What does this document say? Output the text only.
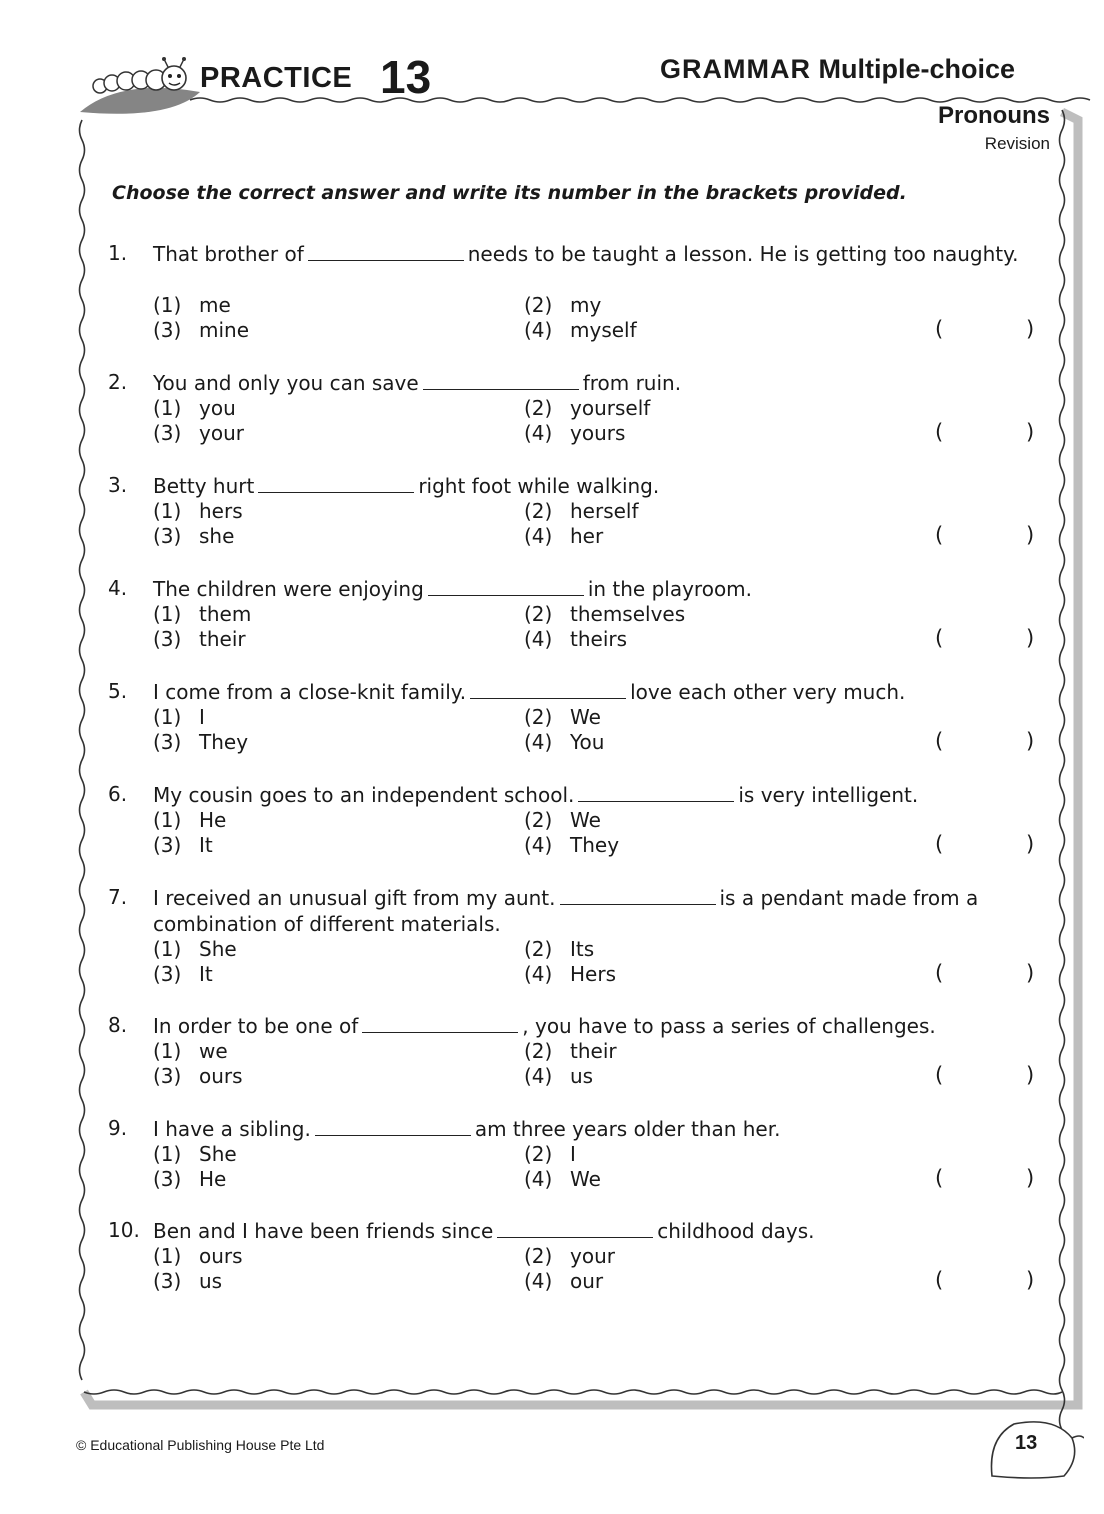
PRACTICE 13	GRAMMAR Multiple-choice
Pronouns
Revision
Choose the correct answer and write its number in the brackets provided.
1.	That brother of	needs to be taught a lesson. He is getting too naughty.
(1) me	(2) my
(3) mine	(4) myself	(	)
2.	You and only you can save	from ruin.
(1) you	(2) yourself
(3) your	(4) yours	(	)
3.	Betty hurt	right foot while walking.
(1) hers	(2) herself
(3) she	(4) her	(	)
4.	The children were enjoying	in the playroom.
(1) them	(2) themselves
(3) their	(4) theirs	(	)
5.	I come from a close-knit family.	love each other very much.
(1) I	(2) We
(3) They	(4) You	(	)
6.	My cousin goes to an independent school.	is very intelligent.
(1) He	(2) We
(3) It	(4) They	(	)
7.	I received an unusual gift from my aunt.	is a pendant made from a combination of different materials.
(1) She	(2) Its
(3) It	(4) Hers	(	)
8.	In order to be one of	, you have to pass a series of challenges.
(1) we	(2) their
(3) ours	(4) us	(	)
9.	I have a sibling.	am three years older than her.
(1) She	(2) I
(3) He	(4) We	(	)
10. Ben and I have been friends since	childhood days.
(1) ours	(2) your
(3) us	(4) our	(	)
© Educational Publishing House Pte Ltd	13
